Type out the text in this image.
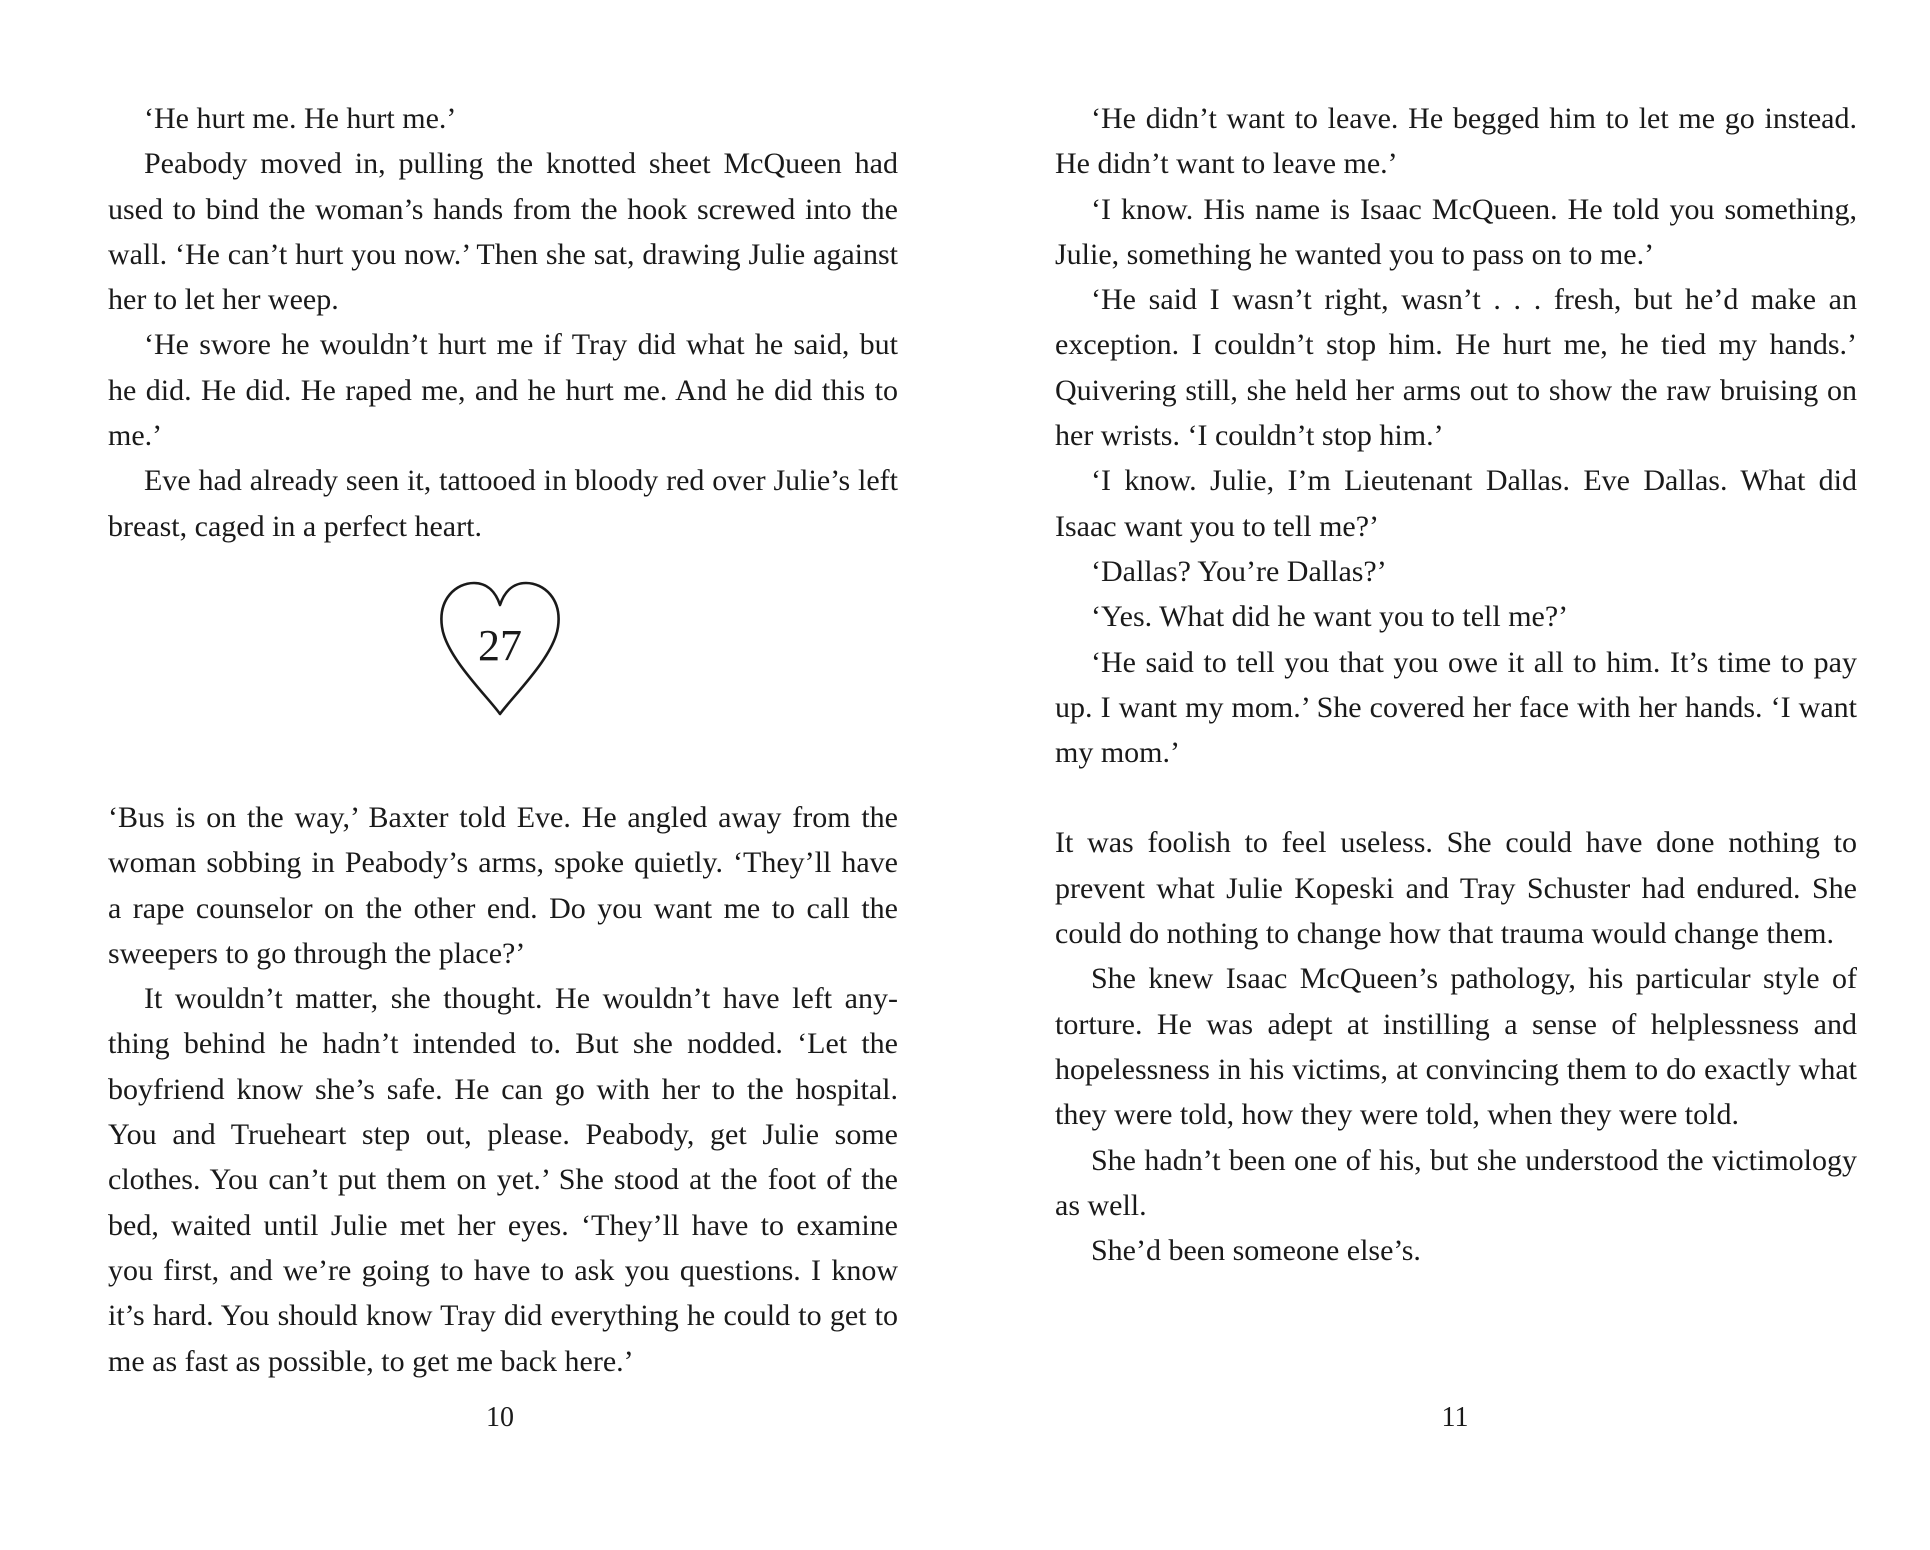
‘He hurt me. He hurt me.’

Peabody moved in, pulling the knotted sheet McQueen had used to bind the woman’s hands from the hook screwed into the wall. ‘He can’t hurt you now.’ Then she sat, drawing Julie against her to let her weep.

‘He swore he wouldn’t hurt me if Tray did what he said, but he did. He did. He raped me, and he hurt me. And he did this to me.’

Eve had already seen it, tattooed in bloody red over Julie’s left breast, caged in a perfect heart.

27

‘Bus is on the way,’ Baxter told Eve. He angled away from the woman sobbing in Peabody’s arms, spoke quietly. ‘They’ll have a rape counselor on the other end. Do you want me to call the sweepers to go through the place?’

It wouldn’t matter, she thought. He wouldn’t have left anything behind he hadn’t intended to. But she nodded. ‘Let the boyfriend know she’s safe. He can go with her to the hospital. You and Trueheart step out, please. Peabody, get Julie some clothes. You can’t put them on yet.’ She stood at the foot of the bed, waited until Julie met her eyes. ‘They’ll have to examine you first, and we’re going to have to ask you questions. I know it’s hard. You should know Tray did everything he could to get to me as fast as possible, to get me back here.’

‘He didn’t want to leave. He begged him to let me go instead. He didn’t want to leave me.’

‘I know. His name is Isaac McQueen. He told you something, Julie, something he wanted you to pass on to me.’

‘He said I wasn’t right, wasn’t . . . fresh, but he’d make an exception. I couldn’t stop him. He hurt me, he tied my hands.’ Quivering still, she held her arms out to show the raw bruising on her wrists. ‘I couldn’t stop him.’

‘I know. Julie, I’m Lieutenant Dallas. Eve Dallas. What did Isaac want you to tell me?’

‘Dallas? You’re Dallas?’

‘Yes. What did he want you to tell me?’

‘He said to tell you that you owe it all to him. It’s time to pay up. I want my mom.’ She covered her face with her hands. ‘I want my mom.’

It was foolish to feel useless. She could have done nothing to prevent what Julie Kopeski and Tray Schuster had endured. She could do nothing to change how that trauma would change them.

She knew Isaac McQueen’s pathology, his particular style of torture. He was adept at instilling a sense of helplessness and hopelessness in his victims, at convincing them to do exactly what they were told, how they were told, when they were told.

She hadn’t been one of his, but she understood the victimology as well.

She’d been someone else’s.

10	11
